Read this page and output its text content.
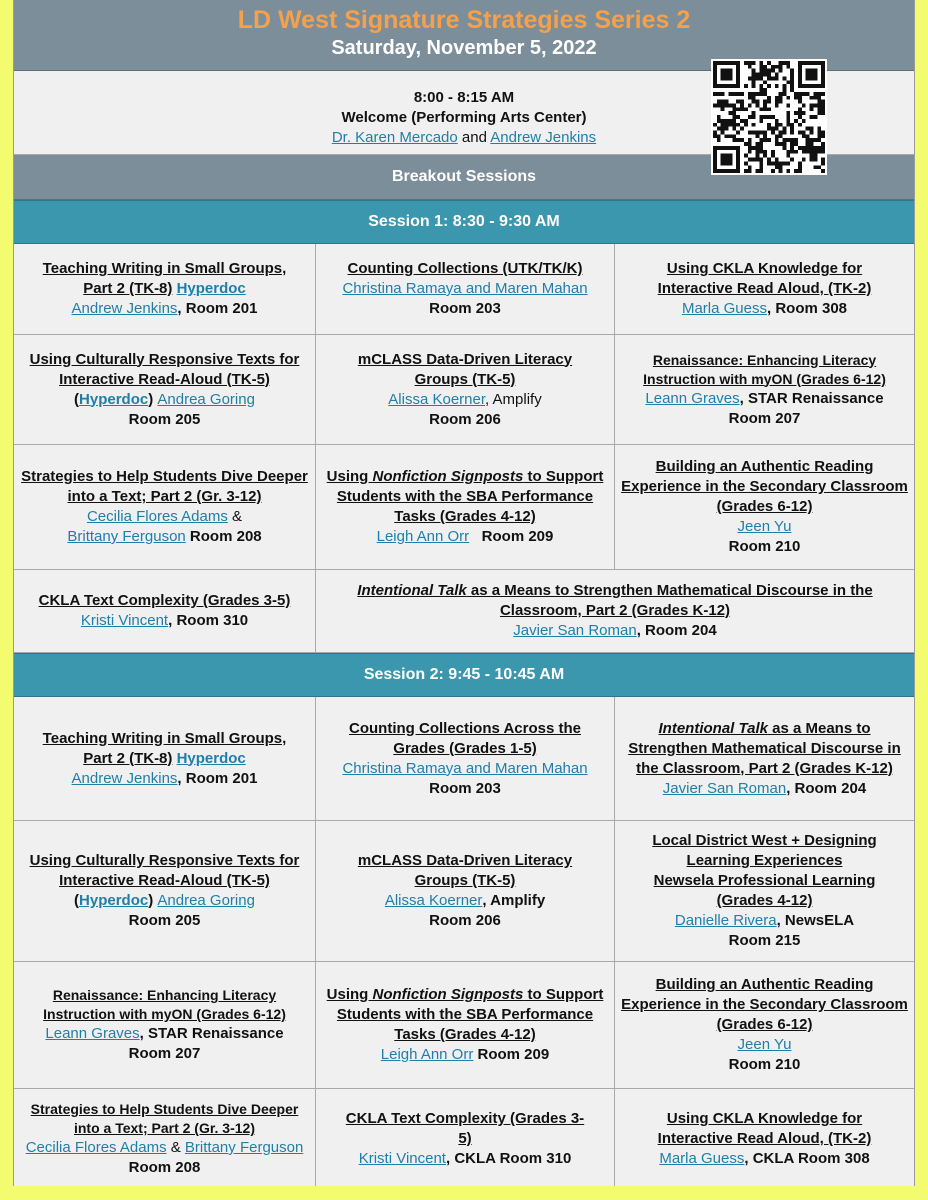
LD West Signature Strategies Series 2
Saturday, November 5, 2022
8:00 - 8:15 AM
Welcome (Performing Arts Center)
Dr. Karen Mercado and Andrew Jenkins
Breakout Sessions
Session 1: 8:30 - 9:30 AM
Teaching Writing in Small Groups,
Part 2 (TK-8) Hyperdoc
Andrew Jenkins, Room 201
Counting Collections (UTK/TK/K)
Christina Ramaya and Maren Mahan
Room 203
Using CKLA Knowledge for Interactive Read Aloud, (TK-2)
Marla Guess, Room 308
Using Culturally Responsive Texts for Interactive Read-Aloud (TK-5)
(Hyperdoc) Andrea Goring
Room 205
mCLASS Data-Driven Literacy Groups (TK-5)
Alissa Koerner, Amplify
Room 206
Renaissance: Enhancing Literacy Instruction with myON (Grades 6-12)
Leann Graves, STAR Renaissance
Room 207
Strategies to Help Students Dive Deeper into a Text; Part 2 (Gr. 3-12)
Cecilia Flores Adams &
Brittany Ferguson Room 208
Using Nonfiction Signposts to Support Students with the SBA Performance Tasks (Grades 4-12)
Leigh Ann Orr   Room 209
Building an Authentic Reading Experience in the Secondary Classroom (Grades 6-12)
Jeen Yu
Room 210
CKLA Text Complexity (Grades 3-5)
Kristi Vincent, Room 310
Intentional Talk as a Means to Strengthen Mathematical Discourse in the Classroom, Part 2 (Grades K-12)
Javier San Roman, Room 204
Session 2: 9:45 - 10:45 AM
Teaching Writing in Small Groups,
Part 2 (TK-8) Hyperdoc
Andrew Jenkins, Room 201
Counting Collections Across the Grades (Grades 1-5)
Christina Ramaya and Maren Mahan
Room 203
Intentional Talk as a Means to Strengthen Mathematical Discourse in the Classroom, Part 2 (Grades K-12)
Javier San Roman, Room 204
Using Culturally Responsive Texts for Interactive Read-Aloud (TK-5)
(Hyperdoc) Andrea Goring
Room 205
mCLASS Data-Driven Literacy Groups (TK-5)
Alissa Koerner, Amplify
Room 206
Local District West + Designing Learning Experiences
Newsela Professional Learning (Grades 4-12)
Danielle Rivera, NewsELA
Room 215
Renaissance: Enhancing Literacy Instruction with myON (Grades 6-12)
Leann Graves, STAR Renaissance
Room 207
Using Nonfiction Signposts to Support Students with the SBA Performance Tasks (Grades 4-12)
Leigh Ann Orr Room 209
Building an Authentic Reading Experience in the Secondary Classroom (Grades 6-12)
Jeen Yu
Room 210
Strategies to Help Students Dive Deeper into a Text; Part 2 (Gr. 3-12)
Cecilia Flores Adams & Brittany Ferguson Room 208
CKLA Text Complexity (Grades 3-5)
Kristi Vincent, CKLA Room 310
Using CKLA Knowledge for Interactive Read Aloud, (TK-2)
Marla Guess, CKLA Room 308
